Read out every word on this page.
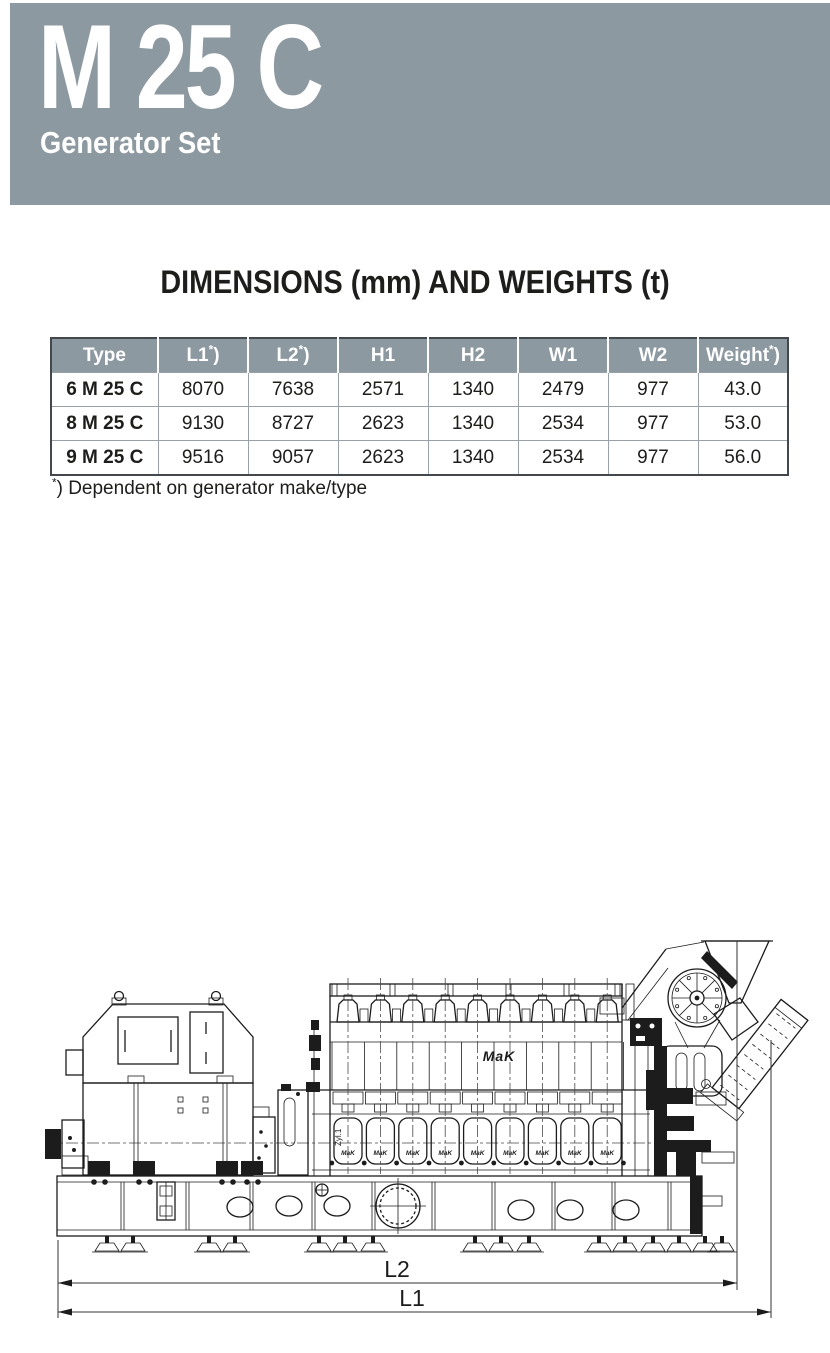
M 25 C
Generator Set
DIMENSIONS (mm) AND WEIGHTS (t)
Type	L1*)	L2*)	H1	H2	W1	W2	Weight*)
6 M 25 C	8070	7638	2571	1340	2479	977	43.0
8 M 25 C	9130	8727	2623	1340	2534	977	53.0
9 M 25 C	9516	9057	2623	1340	2534	977	56.0

*) Dependent on generator make/type

MaK	MaK	MaK	MaK	MaK	MaK	MaK	MaK	MaK
MaK
Zyl.1
L2
L1
